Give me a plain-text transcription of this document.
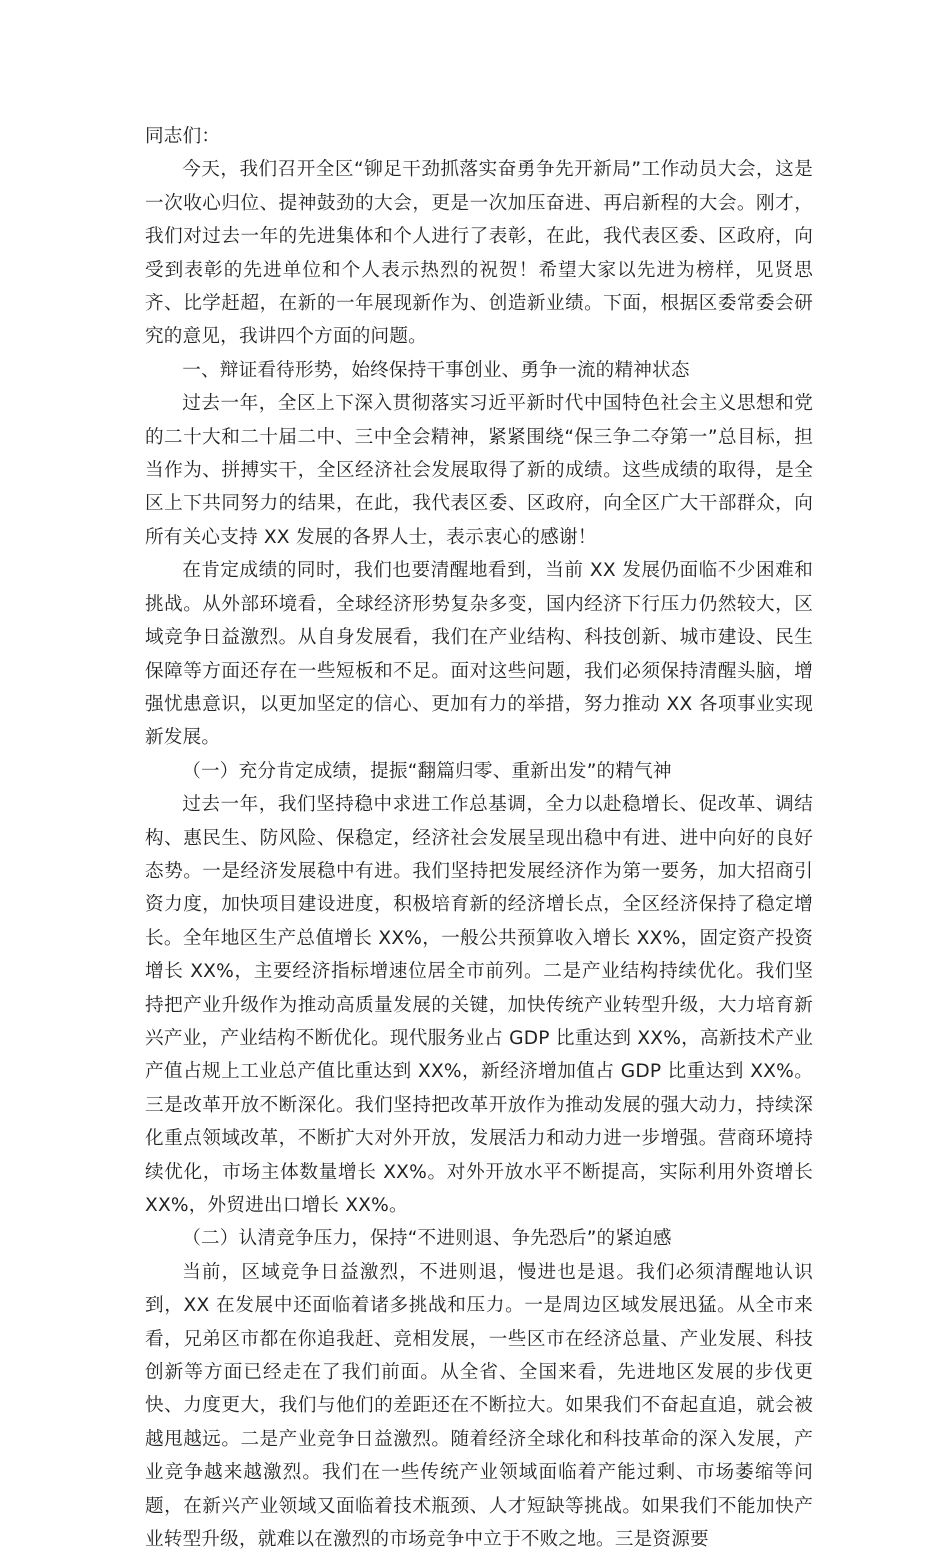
同志们：

今天，我们召开全区“铆足干劲抓落实奋勇争先开新局”工作动员大会，这是一次收心归位、提神鼓劲的大会，更是一次加压奋进、再启新程的大会。刚才，我们对过去一年的先进集体和个人进行了表彰，在此，我代表区委、区政府，向受到表彰的先进单位和个人表示热烈的祝贺！希望大家以先进为榜样，见贤思齐、比学赶超，在新的一年展现新作为、创造新业绩。下面，根据区委常委会研究的意见，我讲四个方面的问题。

一、辩证看待形势，始终保持干事创业、勇争一流的精神状态

过去一年，全区上下深入贯彻落实习近平新时代中国特色社会主义思想和党的二十大和二十届二中、三中全会精神，紧紧围绕“保三争二夺第一”总目标，担当作为、拼搏实干，全区经济社会发展取得了新的成绩。这些成绩的取得，是全区上下共同努力的结果，在此，我代表区委、区政府，向全区广大干部群众，向所有关心支持 XX 发展的各界人士，表示衷心的感谢！

在肯定成绩的同时，我们也要清醒地看到，当前 XX 发展仍面临不少困难和挑战。从外部环境看，全球经济形势复杂多变，国内经济下行压力仍然较大，区域竞争日益激烈。从自身发展看，我们在产业结构、科技创新、城市建设、民生保障等方面还存在一些短板和不足。面对这些问题，我们必须保持清醒头脑，增强忧患意识，以更加坚定的信心、更加有力的举措，努力推动 XX 各项事业实现新发展。

（一）充分肯定成绩，提振“翻篇归零、重新出发”的精气神

过去一年，我们坚持稳中求进工作总基调，全力以赴稳增长、促改革、调结构、惠民生、防风险、保稳定，经济社会发展呈现出稳中有进、进中向好的良好态势。一是经济发展稳中有进。我们坚持把发展经济作为第一要务，加大招商引资力度，加快项目建设进度，积极培育新的经济增长点，全区经济保持了稳定增长。全年地区生产总值增长 XX%，一般公共预算收入增长 XX%，固定资产投资增长 XX%，主要经济指标增速位居全市前列。二是产业结构持续优化。我们坚持把产业升级作为推动高质量发展的关键，加快传统产业转型升级，大力培育新兴产业，产业结构不断优化。现代服务业占 GDP 比重达到 XX%，高新技术产业产值占规上工业总产值比重达到 XX%，新经济增加值占 GDP 比重达到 XX%。三是改革开放不断深化。我们坚持把改革开放作为推动发展的强大动力，持续深化重点领域改革，不断扩大对外开放，发展活力和动力进一步增强。营商环境持续优化，市场主体数量增长 XX%。对外开放水平不断提高，实际利用外资增长 XX%，外贸进出口增长 XX%。

（二）认清竞争压力，保持“不进则退、争先恐后”的紧迫感

当前，区域竞争日益激烈，不进则退，慢进也是退。我们必须清醒地认识到，XX 在发展中还面临着诸多挑战和压力。一是周边区域发展迅猛。从全市来看，兄弟区市都在你追我赶、竞相发展，一些区市在经济总量、产业发展、科技创新等方面已经走在了我们前面。从全省、全国来看，先进地区发展的步伐更快、力度更大，我们与他们的差距还在不断拉大。如果我们不奋起直追，就会被越甩越远。二是产业竞争日益激烈。随着经济全球化和科技革命的深入发展，产业竞争越来越激烈。我们在一些传统产业领域面临着产能过剩、市场萎缩等问题，在新兴产业领域又面临着技术瓶颈、人才短缺等挑战。如果我们不能加快产业转型升级，就难以在激烈的市场竞争中立于不败之地。三是资源要
